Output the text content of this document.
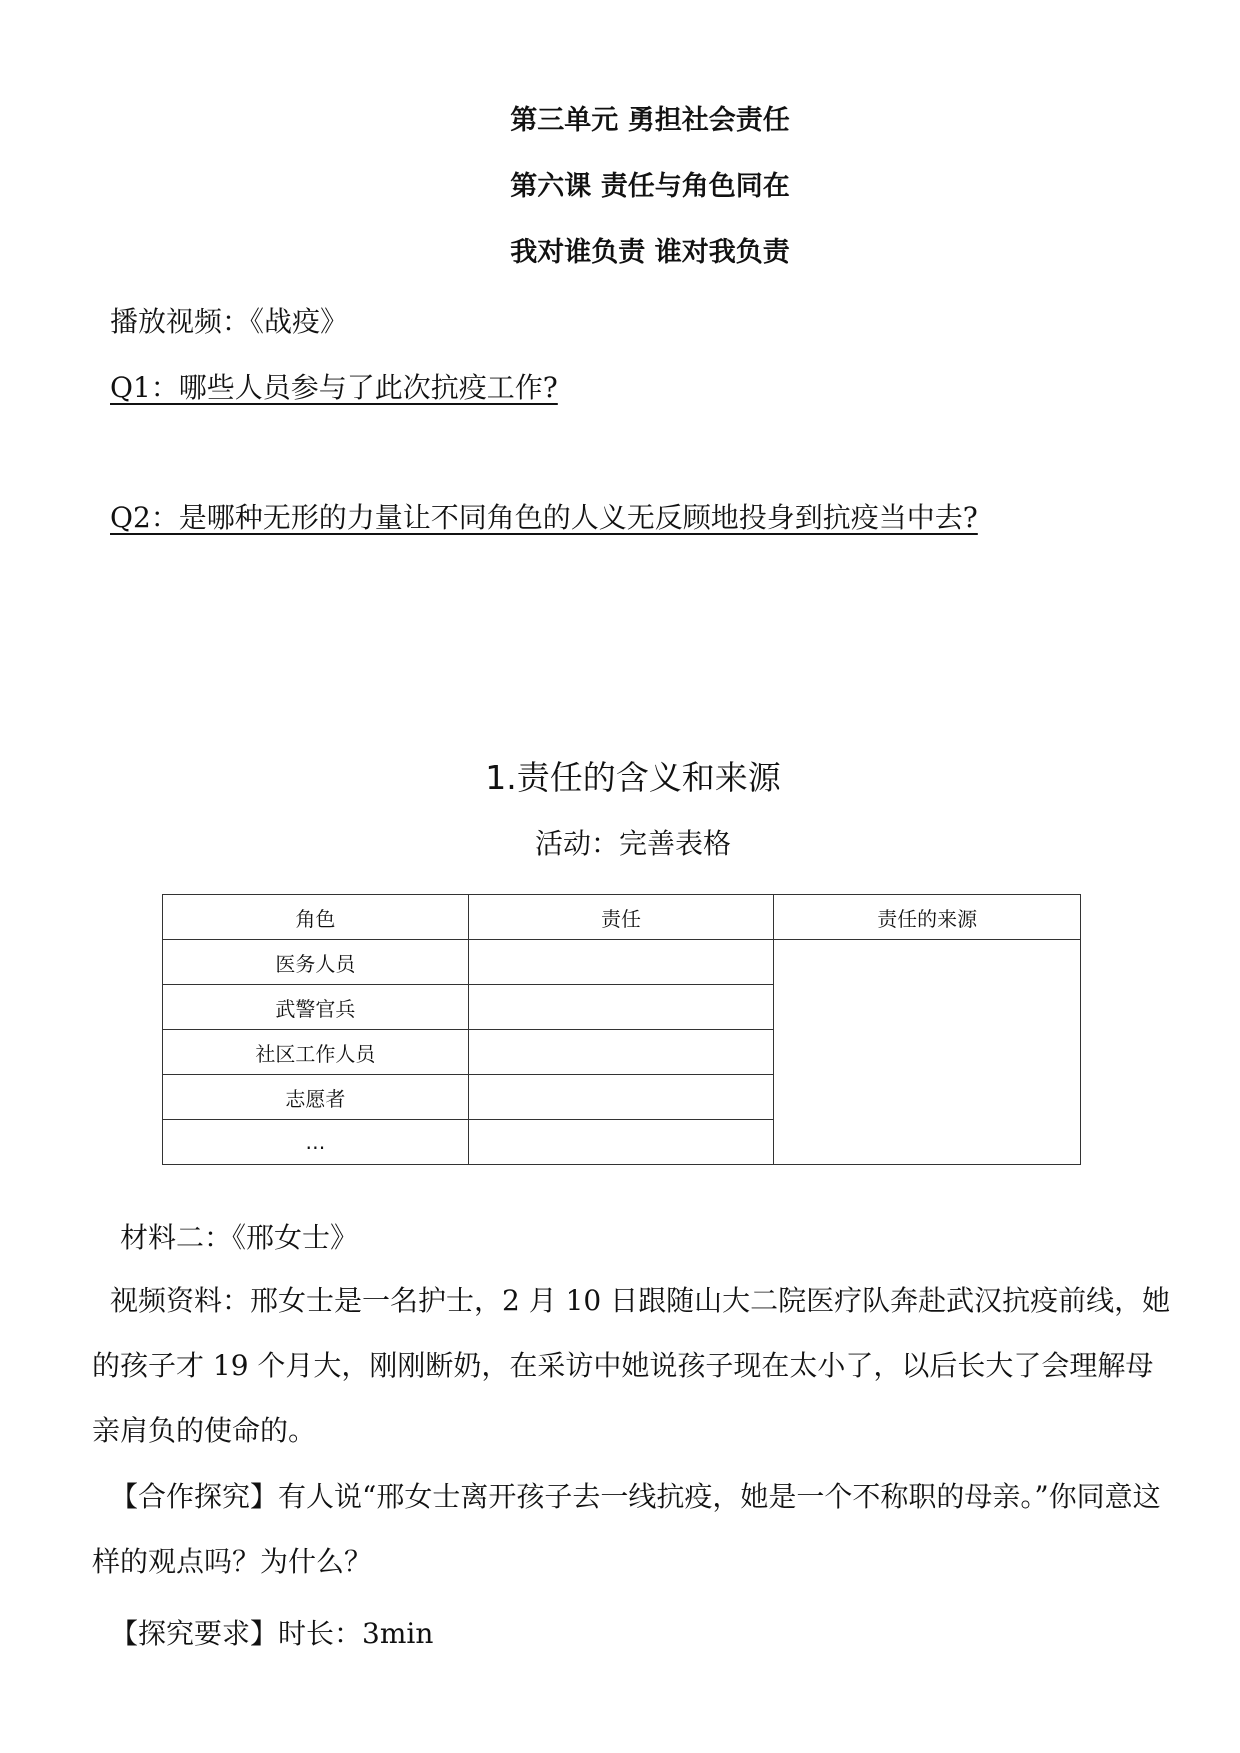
第三单元 勇担社会责任
第六课 责任与角色同在
我对谁负责 谁对我负责
播放视频：《战疫》
Q1：哪些人员参与了此次抗疫工作?
Q2：是哪种无形的力量让不同角色的人义无反顾地投身到抗疫当中去?
1.责任的含义和来源
活动：完善表格
角色	责任	责任的来源
医务人员		
武警官兵		
社区工作人员		
志愿者		
…		
材料二：《邢女士》
视频资料：邢女士是一名护士，2 月 10 日跟随山大二院医疗队奔赴武汉抗疫前线，她的孩子才 19 个月大，刚刚断奶，在采访中她说孩子现在太小了，以后长大了会理解母亲肩负的使命的。
【合作探究】有人说“邢女士离开孩子去一线抗疫，她是一个不称职的母亲。”你同意这样的观点吗？为什么？
【探究要求】时长：3min
